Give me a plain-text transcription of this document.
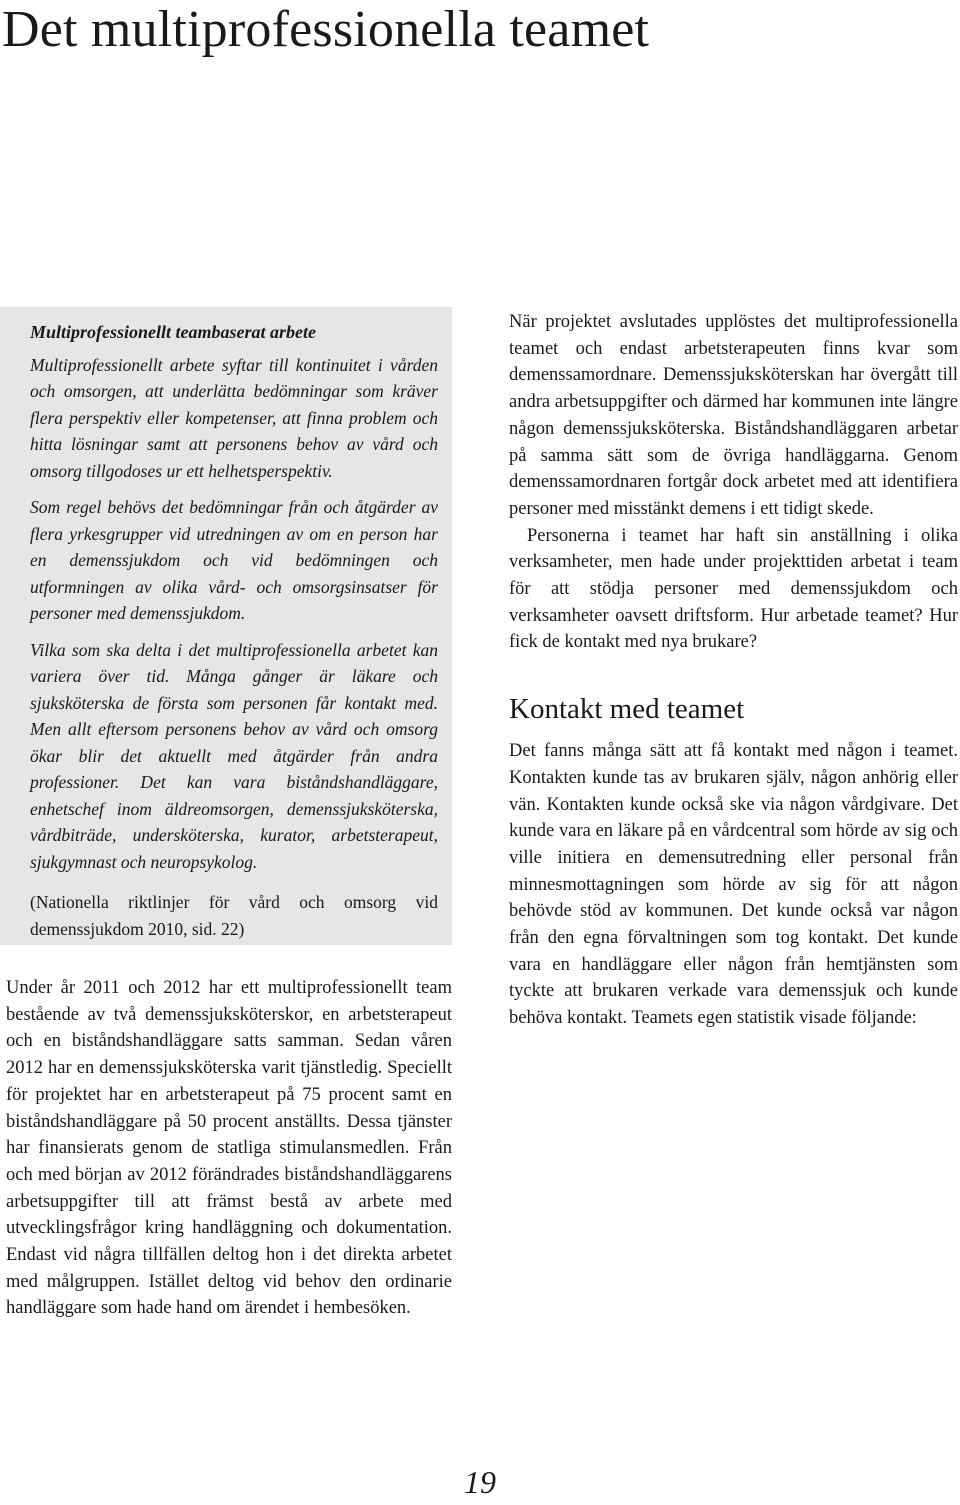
Det multiprofessionella teamet
Multiprofessionellt teambaserat arbete

Multiprofessionellt arbete syftar till kontinuitet i vården och omsorgen, att underlätta bedömningar som kräver flera perspektiv eller kompetenser, att finna problem och hitta lösningar samt att personens behov av vård och omsorg tillgodoses ur ett helhetsperspektiv.

Som regel behövs det bedömningar från och åtgärder av flera yrkesgrupper vid utredningen av om en person har en demenssjukdom och vid bedömningen och utformningen av olika vård- och omsorgsinsatser för personer med demenssjukdom.

Vilka som ska delta i det multiprofessionella arbetet kan variera över tid. Många gånger är läkare och sjuksköterska de första som personen får kontakt med. Men allt eftersom personens behov av vård och omsorg ökar blir det aktuellt med åtgärder från andra professioner. Det kan vara biståndshandläggare, enhetschef inom äldreomsorgen, demenssjuksköterska, vårdbiträde, undersköterska, kurator, arbetsterapeut, sjukgymnast och neuropsykolog.

(Nationella riktlinjer för vård och omsorg vid demenssjukdom 2010, sid. 22)

Under år 2011 och 2012 har ett multiprofessionellt team bestående av två demenssjuksköterskor, en arbetsterapeut och en biståndshandläggare satts samman. Sedan våren 2012 har en demenssjuksköterska varit tjänstledig. Speciellt för projektet har en arbetsterapeut på 75 procent samt en biståndshandläggare på 50 procent anställts. Dessa tjänster har finansierats genom de statliga stimulansmedlen. Från och med början av 2012 förändrades biståndshandläggarens arbetsuppgifter till att främst bestå av arbete med utvecklingsfrågor kring handläggning och dokumentation. Endast vid några tillfällen deltog hon i det direkta arbetet med målgruppen. Istället deltog vid behov den ordinarie handläggare som hade hand om ärendet i hembesöken.

När projektet avslutades upplöstes det multiprofessionella teamet och endast arbetsterapeuten finns kvar som demenssamordnare. Demenssjuksköterskan har övergått till andra arbetsuppgifter och därmed har kommunen inte längre någon demenssjuksköterska. Biståndshandläggaren arbetar på samma sätt som de övriga handläggarna. Genom demenssamordnaren fortgår dock arbetet med att identifiera personer med misstänkt demens i ett tidigt skede.

Personerna i teamet har haft sin anställning i olika verksamheter, men hade under projekttiden arbetat i team för att stödja personer med demenssjukdom och verksamheter oavsett driftsform. Hur arbetade teamet? Hur fick de kontakt med nya brukare?

Kontakt med teamet

Det fanns många sätt att få kontakt med någon i teamet. Kontakten kunde tas av brukaren själv, någon anhörig eller vän. Kontakten kunde också ske via någon vårdgivare. Det kunde vara en läkare på en vårdcentral som hörde av sig och ville initiera en demensutredning eller personal från minnesmottagningen som hörde av sig för att någon behövde stöd av kommunen. Det kunde också var någon från den egna förvaltningen som tog kontakt. Det kunde vara en handläggare eller någon från hemtjänsten som tyckte att brukaren verkade vara demenssjuk och kunde behöva kontakt. Teamets egen statistik visade följande:

19
